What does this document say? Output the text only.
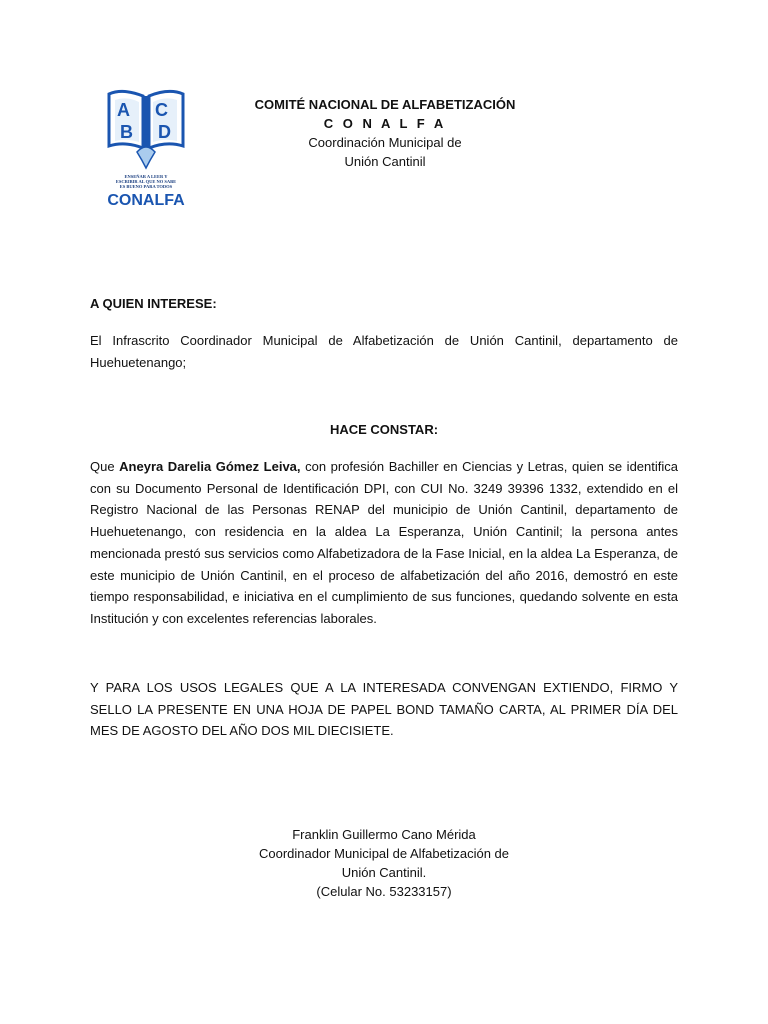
A
B
C
D
ENSEÑAR A LEER Y
ESCRIBIR AL QUE NO SABE
ES BUENO PARA TODOS
CONALFA
COMITÉ NACIONAL DE ALFABETIZACIÓN
C O N A L F A
Coordinación Municipal de
Unión Cantinil
A QUIEN INTERESE:
El Infrascrito Coordinador Municipal de Alfabetización de Unión Cantinil, departamento de Huehuetenango;
HACE CONSTAR:
Que Aneyra Darelia Gómez Leiva, con profesión Bachiller en Ciencias y Letras, quien se identifica con su Documento Personal de Identificación DPI, con CUI No. 3249 39396 1332, extendido en el Registro Nacional de las Personas RENAP del municipio de Unión Cantinil, departamento de Huehuetenango, con residencia en la aldea La Esperanza, Unión Cantinil; la persona antes mencionada prestó sus servicios como Alfabetizadora de la Fase Inicial, en la aldea La Esperanza, de este municipio de Unión Cantinil, en el proceso de alfabetización del año 2016, demostró en este tiempo responsabilidad, e iniciativa en el cumplimiento de sus funciones, quedando solvente en esta Institución y con excelentes referencias laborales.
Y PARA LOS USOS LEGALES QUE A LA INTERESADA CONVENGAN EXTIENDO, FIRMO Y SELLO LA PRESENTE EN UNA HOJA DE PAPEL BOND TAMAÑO CARTA, AL PRIMER DÍA DEL MES DE AGOSTO DEL AÑO DOS MIL DIECISIETE.
Franklin Guillermo Cano Mérida
Coordinador Municipal de Alfabetización de
Unión Cantinil.
(Celular No. 53233157)
